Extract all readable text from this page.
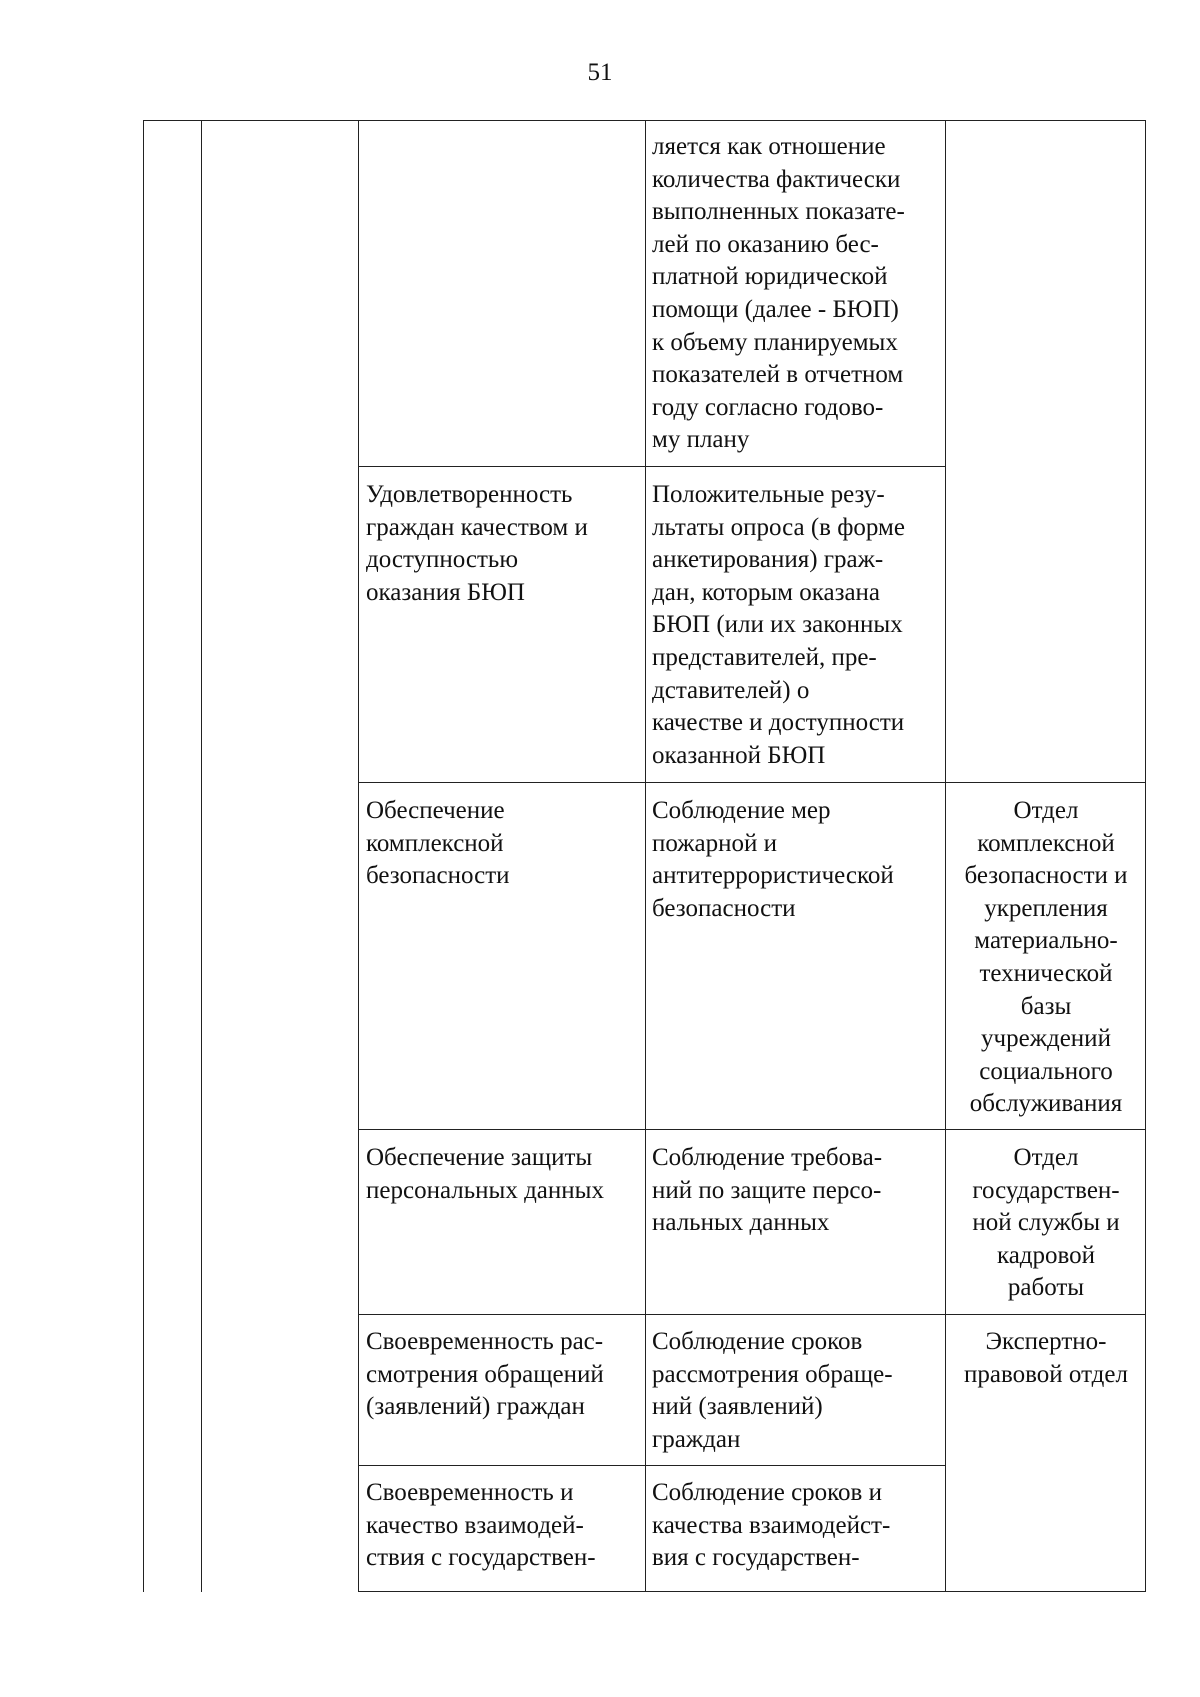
51
ляется как отношение
количества фактически
выполненных показате-
лей по оказанию бес-
платной юридической
помощи (далее - БЮП)
к объему планируемых
показателей в отчетном
году согласно годово-
му плану
Удовлетворенность
граждан качеством и
доступностью
оказания БЮП
Положительные резу-
льтаты опроса (в форме
анкетирования) граж-
дан, которым оказана
БЮП (или их законных
представителей, пре-
дставителей) о
качестве и доступности
оказанной БЮП
Обеспечение
комплексной
безопасности
Соблюдение мер
пожарной и
антитеррористической
безопасности
Отдел
комплексной
безопасности и
укрепления
материально-
технической
базы
учреждений
социального
обслуживания
Обеспечение защиты
персональных данных
Соблюдение требова-
ний по защите персо-
нальных данных
Отдел
государствен-
ной службы и
кадровой
работы
Своевременность рас-
смотрения обращений
(заявлений) граждан
Соблюдение сроков
рассмотрения обраще-
ний (заявлений)
граждан
Экспертно-
правовой отдел
Своевременность и
качество взаимодей-
ствия с государствен-
Соблюдение сроков и
качества взаимодейст-
вия с государствен-
